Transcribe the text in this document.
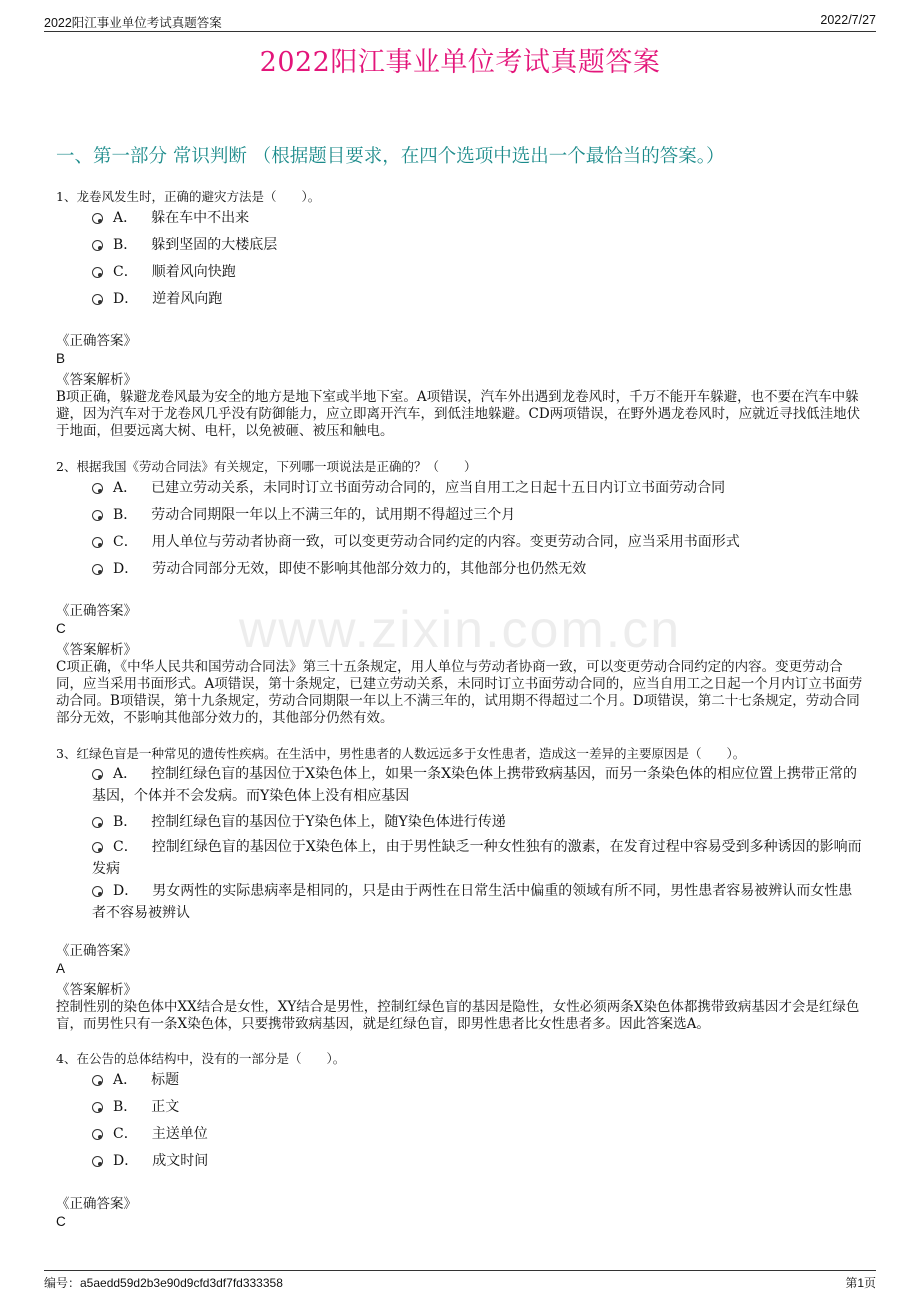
2022阳江事业单位考试真题答案	2022/7/27
2022阳江事业单位考试真题答案
一、第一部分 常识判断 （根据题目要求，在四个选项中选出一个最恰当的答案。）
www.zixin.com.cn
1、龙卷风发生时，正确的避灾方法是（　　）。
A． 躲在车中不出来
B． 躲到坚固的大楼底层
C． 顺着风向快跑
D． 逆着风向跑
《正确答案》
B
《答案解析》
B项正确，躲避龙卷风最为安全的地方是地下室或半地下室。A项错误，汽车外出遇到龙卷风时，千万不能开车躲避，也不要在汽车中躲避，因为汽车对于龙卷风几乎没有防御能力，应立即离开汽车，到低洼地躲避。CD两项错误，在野外遇龙卷风时，应就近寻找低洼地伏于地面，但要远离大树、电杆，以免被砸、被压和触电。
2、根据我国《劳动合同法》有关规定，下列哪一项说法是正确的？（　　）
A． 已建立劳动关系，未同时订立书面劳动合同的，应当自用工之日起十五日内订立书面劳动合同
B． 劳动合同期限一年以上不满三年的，试用期不得超过三个月
C． 用人单位与劳动者协商一致，可以变更劳动合同约定的内容。变更劳动合同，应当采用书面形式
D． 劳动合同部分无效，即使不影响其他部分效力的，其他部分也仍然无效
《正确答案》
C
《答案解析》
C项正确，《中华人民共和国劳动合同法》第三十五条规定，用人单位与劳动者协商一致，可以变更劳动合同约定的内容。变更劳动合同，应当采用书面形式。A项错误，第十条规定，已建立劳动关系，未同时订立书面劳动合同的，应当自用工之日起一个月内订立书面劳动合同。B项错误，第十九条规定，劳动合同期限一年以上不满三年的，试用期不得超过二个月。D项错误，第二十七条规定，劳动合同部分无效，不影响其他部分效力的，其他部分仍然有效。
3、红绿色盲是一种常见的遗传性疾病。在生活中，男性患者的人数远远多于女性患者，造成这一差异的主要原因是（　　）。
A． 控制红绿色盲的基因位于X染色体上，如果一条X染色体上携带致病基因，而另一条染色体的相应位置上携带正常的基因，个体并不会发病。而Y染色体上没有相应基因
B． 控制红绿色盲的基因位于Y染色体上，随Y染色体进行传递
C． 控制红绿色盲的基因位于X染色体上，由于男性缺乏一种女性独有的激素，在发育过程中容易受到多种诱因的影响而发病
D． 男女两性的实际患病率是相同的，只是由于两性在日常生活中偏重的领域有所不同，男性患者容易被辨认而女性患者不容易被辨认
《正确答案》
A
《答案解析》
控制性别的染色体中XX结合是女性，XY结合是男性，控制红绿色盲的基因是隐性，女性必须两条X染色体都携带致病基因才会是红绿色盲，而男性只有一条X染色体，只要携带致病基因，就是红绿色盲，即男性患者比女性患者多。因此答案选A。
4、在公告的总体结构中，没有的一部分是（　　）。
A． 标题
B． 正文
C． 主送单位
D． 成文时间
《正确答案》
C
编号：a5aedd59d2b3e90d9cfd3df7fd333358	第1页
